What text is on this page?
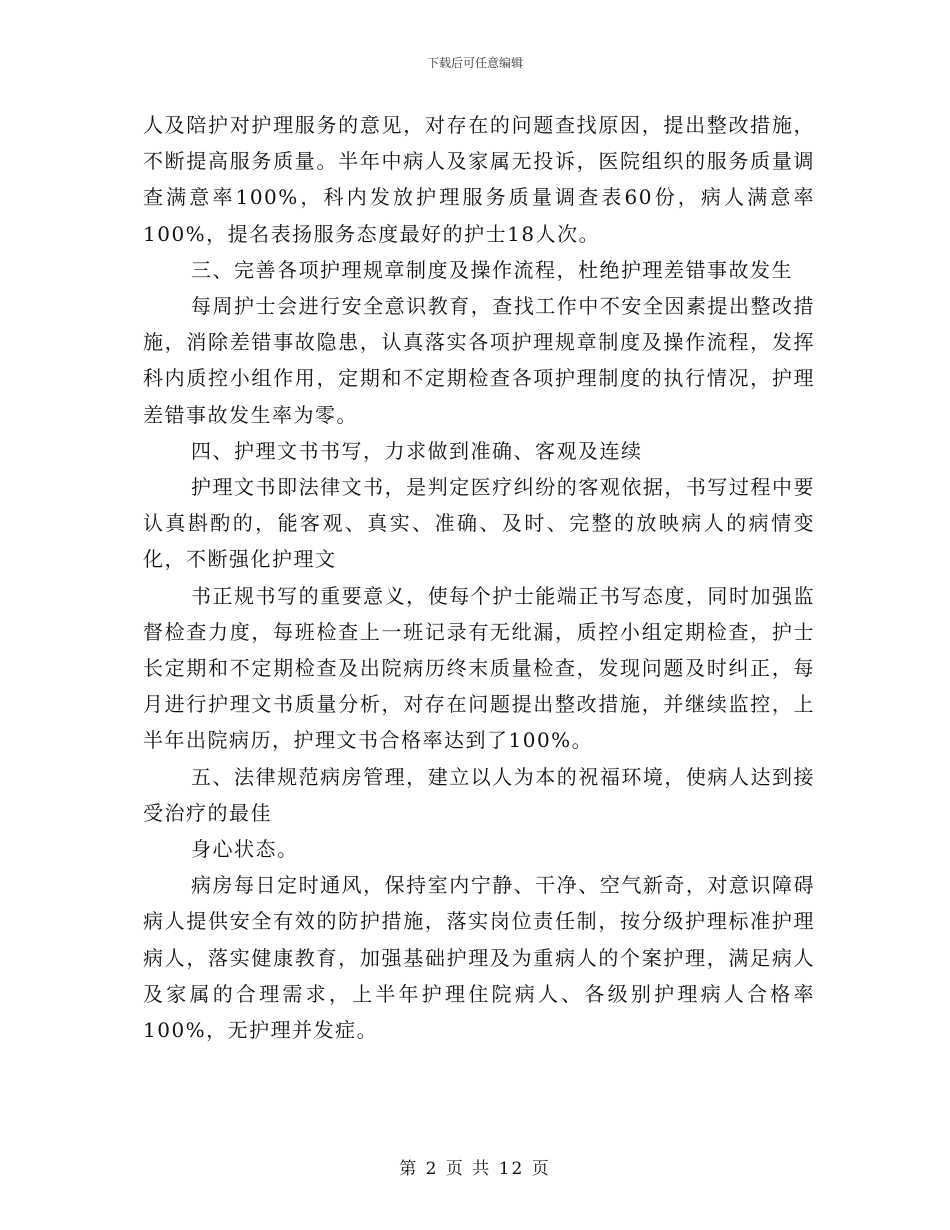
下载后可任意编辑

人及陪护对护理服务的意见，对存在的问题查找原因，提出整改措施，不断提高服务质量。半年中病人及家属无投诉，医院组织的服务质量调查满意率100%，科内发放护理服务质量调查表60份，病人满意率100%，提名表扬服务态度最好的护士18人次。

三、完善各项护理规章制度及操作流程，杜绝护理差错事故发生

每周护士会进行安全意识教育，查找工作中不安全因素提出整改措施，消除差错事故隐患，认真落实各项护理规章制度及操作流程，发挥科内质控小组作用，定期和不定期检查各项护理制度的执行情况，护理差错事故发生率为零。

四、护理文书书写，力求做到准确、客观及连续

护理文书即法律文书，是判定医疗纠纷的客观依据，书写过程中要认真斟酌的，能客观、真实、准确、及时、完整的放映病人的病情变化，不断强化护理文

书正规书写的重要意义，使每个护士能端正书写态度，同时加强监督检查力度，每班检查上一班记录有无纰漏，质控小组定期检查，护士长定期和不定期检查及出院病历终末质量检查，发现问题及时纠正，每月进行护理文书质量分析，对存在问题提出整改措施，并继续监控，上半年出院病历，护理文书合格率达到了100%。

五、法律规范病房管理，建立以人为本的祝福环境，使病人达到接受治疗的最佳

身心状态。

病房每日定时通风，保持室内宁静、干净、空气新奇，对意识障碍病人提供安全有效的防护措施，落实岗位责任制，按分级护理标准护理病人，落实健康教育，加强基础护理及为重病人的个案护理，满足病人及家属的合理需求，上半年护理住院病人、各级别护理病人合格率100%，无护理并发症。

第 2 页 共 12 页
